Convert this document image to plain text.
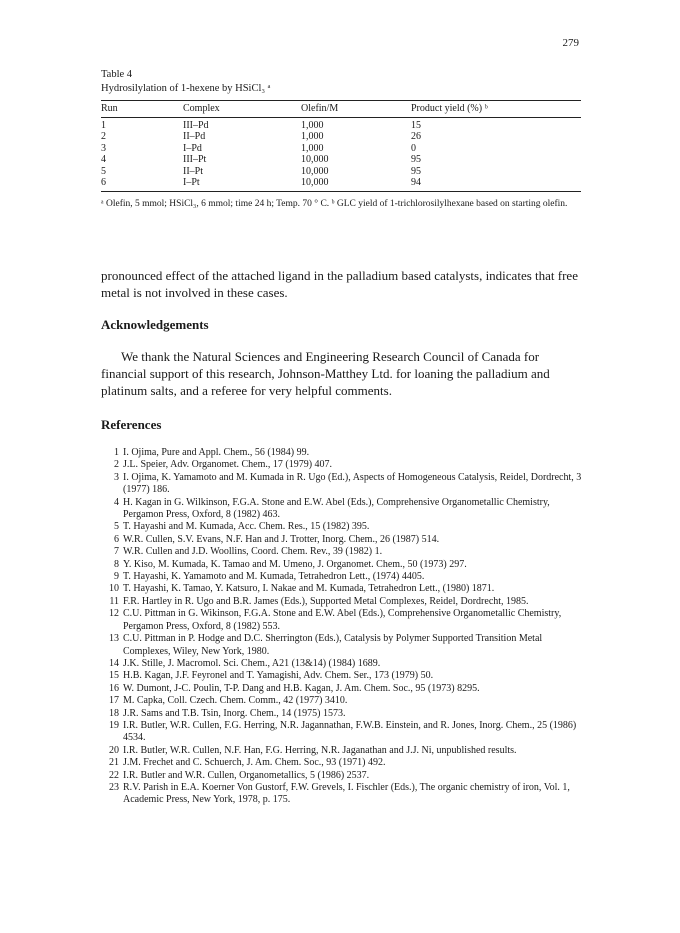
279
Table 4
Hydrosilylation of 1-hexene by HSiCl₃ ᵃ
Run	Complex	Olefin/M	Product yield (%) ᵇ
1	III–Pd	1,000	15
2	II–Pd	1,000	26
3	I–Pd	1,000	0
4	III–Pt	10,000	95
5	II–Pt	10,000	95
6	I–Pt	10,000	94
ᵃ Olefin, 5 mmol; HSiCl₃, 6 mmol; time 24 h; Temp. 70 ° C. ᵇ GLC yield of 1-trichlorosilylhexane based on starting olefin.
pronounced effect of the attached ligand in the palladium based catalysts, indicates that free metal is not involved in these cases.
Acknowledgements
We thank the Natural Sciences and Engineering Research Council of Canada for financial support of this research, Johnson-Matthey Ltd. for loaning the palladium and platinum salts, and a referee for very helpful comments.
References
1 I. Ojima, Pure and Appl. Chem., 56 (1984) 99.
2 J.L. Speier, Adv. Organomet. Chem., 17 (1979) 407.
3 I. Ojima, K. Yamamoto and M. Kumada in R. Ugo (Ed.), Aspects of Homogeneous Catalysis, Reidel, Dordrecht, 3 (1977) 186.
4 H. Kagan in G. Wilkinson, F.G.A. Stone and E.W. Abel (Eds.), Comprehensive Organometallic Chemistry, Pergamon Press, Oxford, 8 (1982) 463.
5 T. Hayashi and M. Kumada, Acc. Chem. Res., 15 (1982) 395.
6 W.R. Cullen, S.V. Evans, N.F. Han and J. Trotter, Inorg. Chem., 26 (1987) 514.
7 W.R. Cullen and J.D. Woollins, Coord. Chem. Rev., 39 (1982) 1.
8 Y. Kiso, M. Kumada, K. Tamao and M. Umeno, J. Organomet. Chem., 50 (1973) 297.
9 T. Hayashi, K. Yamamoto and M. Kumada, Tetrahedron Lett., (1974) 4405.
10 T. Hayashi, K. Tamao, Y. Katsuro, I. Nakae and M. Kumada, Tetrahedron Lett., (1980) 1871.
11 F.R. Hartley in R. Ugo and B.R. James (Eds.), Supported Metal Complexes, Reidel, Dordrecht, 1985.
12 C.U. Pittman in G. Wikinson, F.G.A. Stone and E.W. Abel (Eds.), Comprehensive Organometallic Chemistry, Pergamon Press, Oxford, 8 (1982) 553.
13 C.U. Pittman in P. Hodge and D.C. Sherrington (Eds.), Catalysis by Polymer Supported Transition Metal Complexes, Wiley, New York, 1980.
14 J.K. Stille, J. Macromol. Sci. Chem., A21 (13&14) (1984) 1689.
15 H.B. Kagan, J.F. Feyronel and T. Yamagishi, Adv. Chem. Ser., 173 (1979) 50.
16 W. Dumont, J-C. Poulin, T-P. Dang and H.B. Kagan, J. Am. Chem. Soc., 95 (1973) 8295.
17 M. Capka, Coll. Czech. Chem. Comm., 42 (1977) 3410.
18 J.R. Sams and T.B. Tsin, Inorg. Chem., 14 (1975) 1573.
19 I.R. Butler, W.R. Cullen, F.G. Herring, N.R. Jagannathan, F.W.B. Einstein, and R. Jones, Inorg. Chem., 25 (1986) 4534.
20 I.R. Butler, W.R. Cullen, N.F. Han, F.G. Herring, N.R. Jaganathan and J.J. Ni, unpublished results.
21 J.M. Frechet and C. Schuerch, J. Am. Chem. Soc., 93 (1971) 492.
22 I.R. Butler and W.R. Cullen, Organometallics, 5 (1986) 2537.
23 R.V. Parish in E.A. Koerner Von Gustorf, F.W. Grevels, I. Fischler (Eds.), The organic chemistry of iron, Vol. 1, Academic Press, New York, 1978, p. 175.
